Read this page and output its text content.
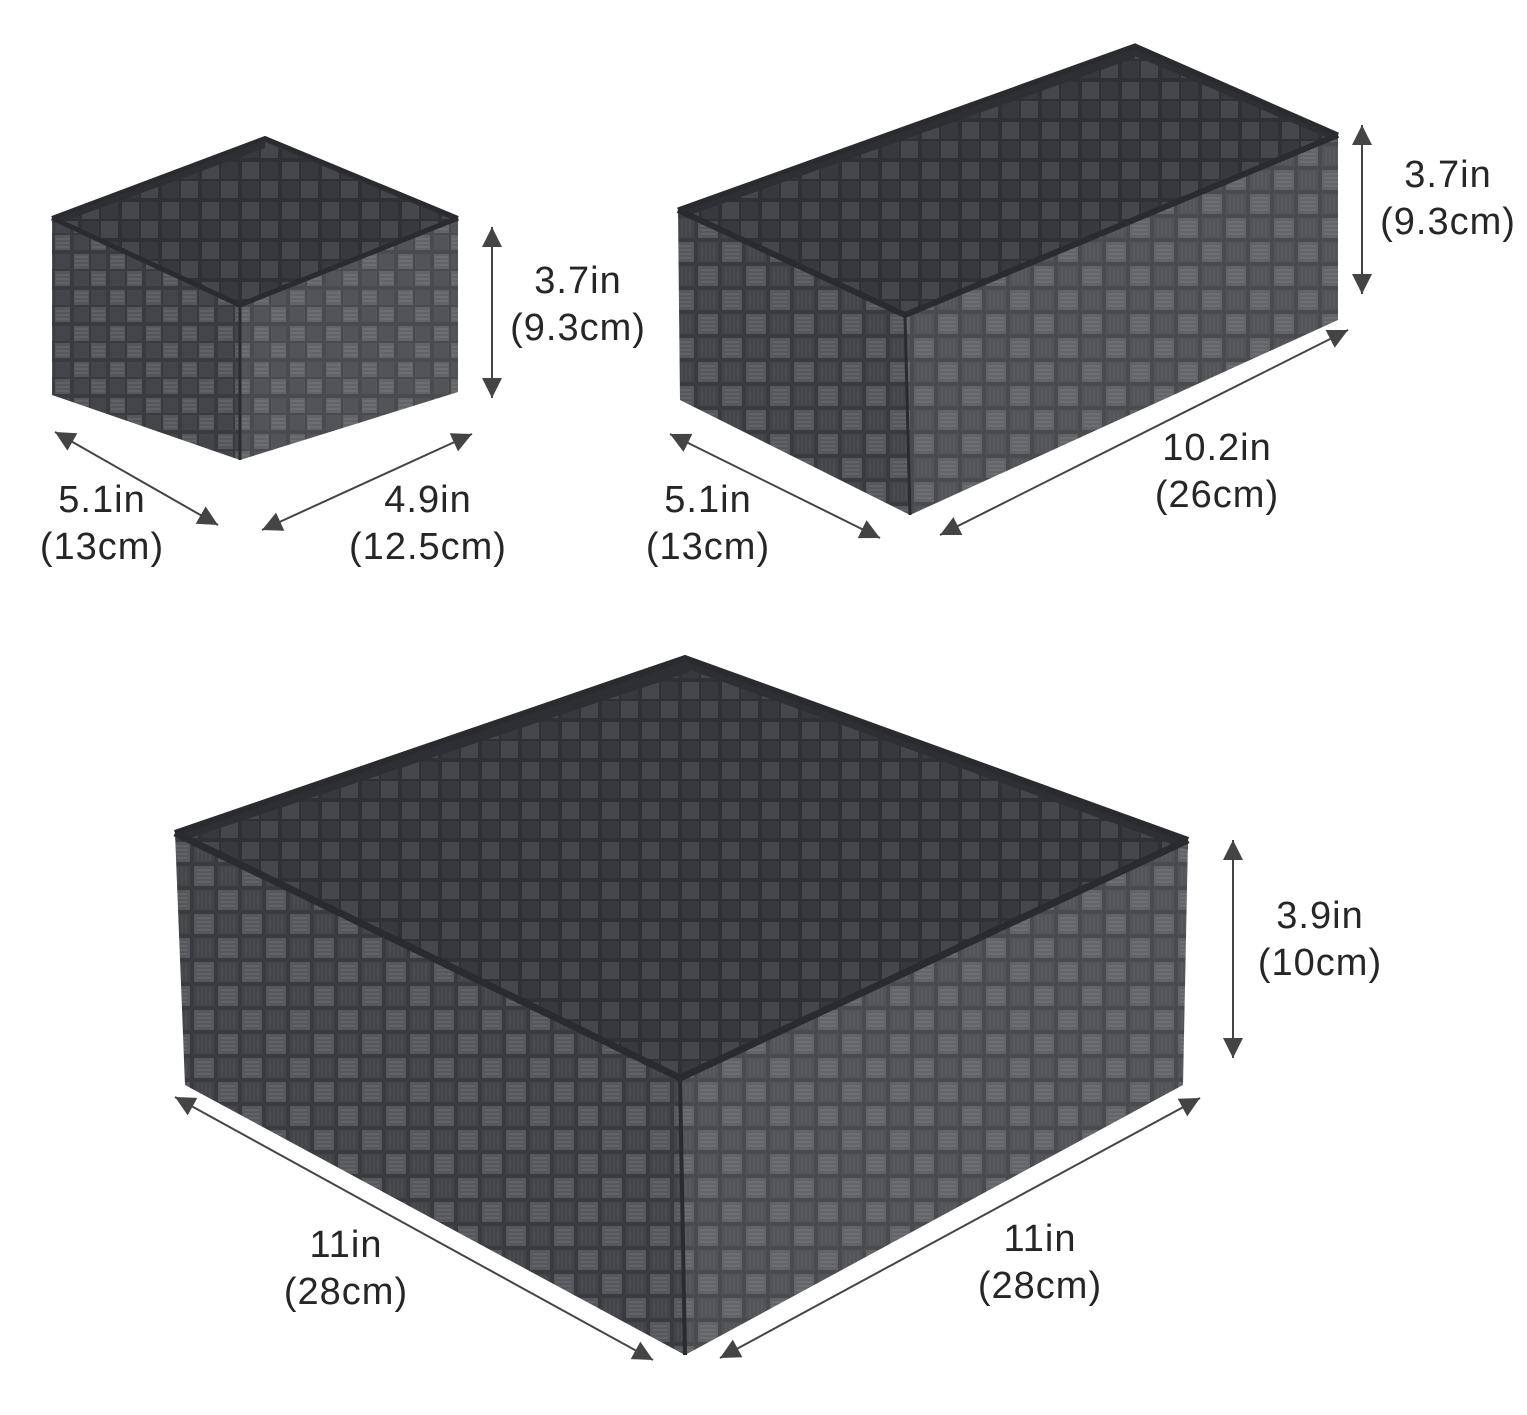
3.7in
(9.3cm)
5.1in
(13cm)
4.9in
(12.5cm)
3.7in
(9.3cm)
5.1in
(13cm)
10.2in
(26cm)
3.9in
(10cm)
11in
(28cm)
11in
(28cm)
